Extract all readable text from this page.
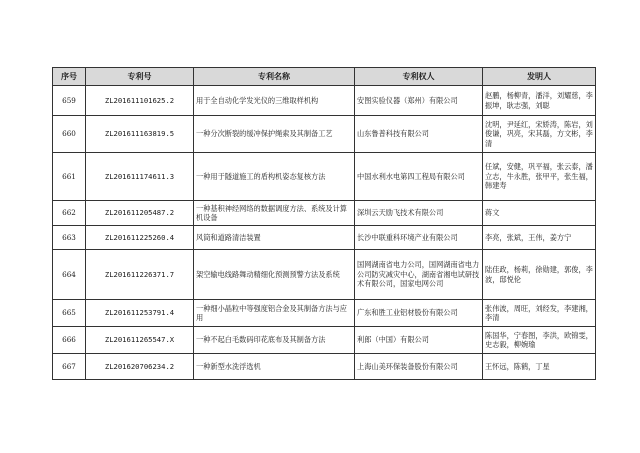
序号	专利号	专利名称	专利权人	发明人
659	ZL201611101625.2	用于全自动化学发光仪的三维取样机构	安图实验仪器（郑州）有限公司	赵鹏，杨柳青，潘洋，刘耀慈，李振坤，耿志强，刘聪
660	ZL201611163819.5	一种分次断裂的缓冲保护绳索及其制备工艺	山东鲁普科技有限公司	沈明，尹延红，宋娇涛，陈岩，刘俊谦，巩亮，宋其磊，方文彬，李清
661	ZL201611174611.3	一种用于隧道施工的盾构机姿态复核方法	中国水利水电第四工程局有限公司	任斌，安健，巩平福，张云泰，潘立志，牛永胜，张甲平，张生福，韩建寿
662	ZL201611205487.2	一种基积神经网络的数据调度方法、系统及计算机设备	深圳云天励飞技术有限公司	蒋文
663	ZL201611225260.4	风筒和道路清洁装置	长沙中联重科环境产业有限公司	李亮，张斌，王伟，姜方宁
664	ZL201611226371.7	架空输电线路舞动精细化预测预警方法及系统	国网湖南省电力公司，国网湖南省电力公司防灾减灾中心，湖南省湘电试研技术有限公司，国家电网公司	陆佳政，杨莉，徐勋建，郭俊，李波，邸悦伦
665	ZL201611253791.4	一种细小晶粒中等强度铝合金及其制备方法与应用	广东和胜工业铝材股份有限公司	张伟波，周旺，刘经发，李建湘，李清
666	ZL201611265547.X	一种不起白毛数码印花底布及其制备方法	利郎（中国）有限公司	陈国华，宁春图，李洪，欧锦雯，史志毅，柳婉瑜
667	ZL201620706234.2	一种新型水洗浮选机	上海山美环保装备股份有限公司	王怀远，陈鹤，丁星
